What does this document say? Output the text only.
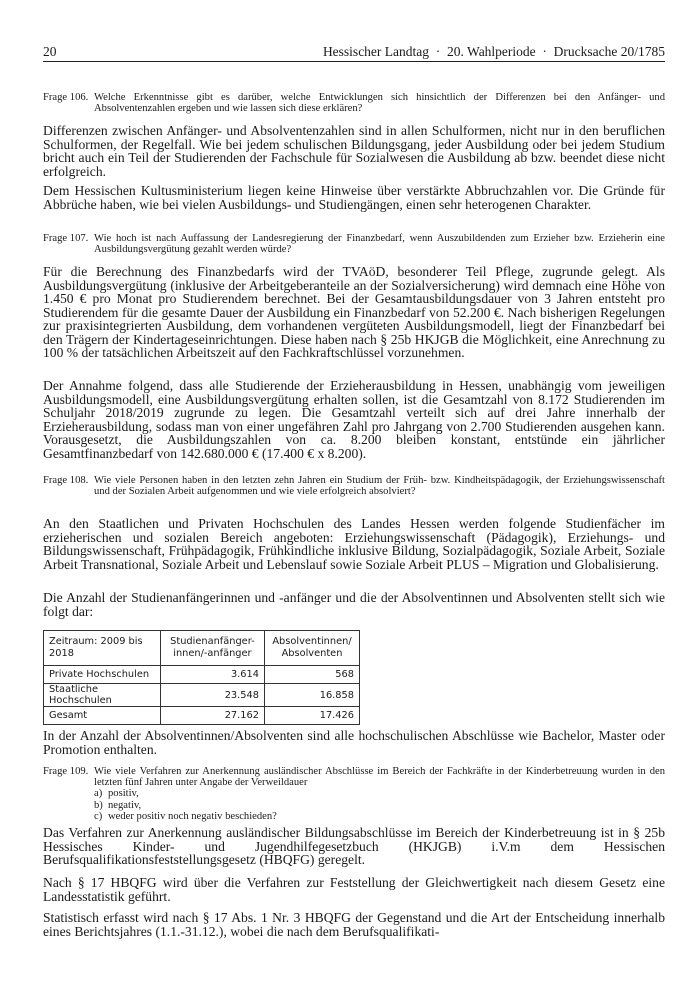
20	Hessischer Landtag  ·  20. Wahlperiode  ·  Drucksache 20/1785
Frage 106. Welche Erkenntnisse gibt es darüber, welche Entwicklungen sich hinsichtlich der Differenzen bei den Anfänger- und Absolventenzahlen ergeben und wie lassen sich diese erklären?

Differenzen zwischen Anfänger- und Absolventenzahlen sind in allen Schulformen, nicht nur in den beruflichen Schulformen, der Regelfall. Wie bei jedem schulischen Bildungsgang, jeder Ausbildung oder bei jedem Studium bricht auch ein Teil der Studierenden der Fachschule für Sozialwesen die Ausbildung ab bzw. beendet diese nicht erfolgreich.

Dem Hessischen Kultusministerium liegen keine Hinweise über verstärkte Abbruchzahlen vor. Die Gründe für Abbrüche haben, wie bei vielen Ausbildungs- und Studiengängen, einen sehr heterogenen Charakter.

Frage 107. Wie hoch ist nach Auffassung der Landesregierung der Finanzbedarf, wenn Auszubildenden zum Erzieher bzw. Erzieherin eine Ausbildungsvergütung gezahlt werden würde?

Für die Berechnung des Finanzbedarfs wird der TVAöD, besonderer Teil Pflege, zugrunde gelegt. Als Ausbildungsvergütung (inklusive der Arbeitgeberanteile an der Sozialversicherung) wird demnach eine Höhe von 1.450 € pro Monat pro Studierendem berechnet. Bei der Gesamtausbildungsdauer von 3 Jahren entsteht pro Studierendem für die gesamte Dauer der Ausbildung ein Finanzbedarf von 52.200 €. Nach bisherigen Regelungen zur praxisintegrierten Ausbildung, dem vorhandenen vergüteten Ausbildungsmodell, liegt der Finanzbedarf bei den Trägern der Kindertageseinrichtungen. Diese haben nach § 25b HKJGB die Möglichkeit, eine Anrechnung zu 100 % der tatsächlichen Arbeitszeit auf den Fachkraftschlüssel vorzunehmen.

Der Annahme folgend, dass alle Studierende der Erzieherausbildung in Hessen, unabhängig vom jeweiligen Ausbildungsmodell, eine Ausbildungsvergütung erhalten sollen, ist die Gesamtzahl von 8.172 Studierenden im Schuljahr 2018/2019 zugrunde zu legen. Die Gesamtzahl verteilt sich auf drei Jahre innerhalb der Erzieherausbildung, sodass man von einer ungefähren Zahl pro Jahrgang von 2.700 Studierenden ausgehen kann. Vorausgesetzt, die Ausbildungszahlen von ca. 8.200 bleiben konstant, entstünde ein jährlicher Gesamtfinanzbedarf von 142.680.000 € (17.400 € x 8.200).

Frage 108. Wie viele Personen haben in den letzten zehn Jahren ein Studium der Früh- bzw. Kindheitspädagogik, der Erziehungswissenschaft und der Sozialen Arbeit aufgenommen und wie viele erfolgreich absolviert?

An den Staatlichen und Privaten Hochschulen des Landes Hessen werden folgende Studienfächer im erzieherischen und sozialen Bereich angeboten: Erziehungswissenschaft (Pädagogik), Erziehungs- und Bildungswissenschaft, Frühpädagogik, Frühkindliche inklusive Bildung, Sozialpädagogik, Soziale Arbeit, Soziale Arbeit Transnational, Soziale Arbeit und Lebenslauf sowie Soziale Arbeit PLUS – Migration und Globalisierung.

Die Anzahl der Studienanfängerinnen und -anfänger und die der Absolventinnen und Absolventen stellt sich wie folgt dar:

Zeitraum: 2009 bis 2018	Studienanfänger-innen/-anfänger	Absolventinnen/ Absolventen
Private Hochschulen	3.614	568
Staatliche Hochschulen	23.548	16.858
Gesamt	27.162	17.426

In der Anzahl der Absolventinnen/Absolventen sind alle hochschulischen Abschlüsse wie Bachelor, Master oder Promotion enthalten.

Frage 109. Wie viele Verfahren zur Anerkennung ausländischer Abschlüsse im Bereich der Fachkräfte in der Kinderbetreuung wurden in den letzten fünf Jahren unter Angabe der Verweildauer
a) positiv,
b) negativ,
c) weder positiv noch negativ beschieden?

Das Verfahren zur Anerkennung ausländischer Bildungsabschlüsse im Bereich der Kinderbetreuung ist in § 25b Hessisches Kinder- und Jugendhilfegesetzbuch (HKJGB) i.V.m dem Hessischen Berufsqualifikationsfeststellungsgesetz (HBQFG) geregelt.

Nach § 17 HBQFG wird über die Verfahren zur Feststellung der Gleichwertigkeit nach diesem Gesetz eine Landesstatistik geführt.

Statistisch erfasst wird nach § 17 Abs. 1 Nr. 3 HBQFG der Gegenstand und die Art der Entscheidung innerhalb eines Berichtsjahres (1.1.-31.12.), wobei die nach dem Berufsqualifikati-
